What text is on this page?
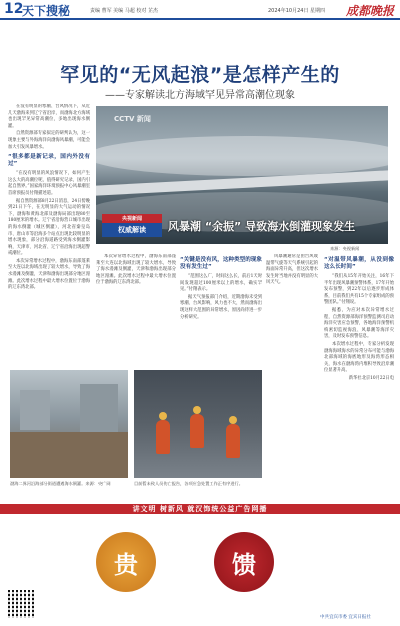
12
天下搜秘	责编 曹军 美编 马超 校对 芷杰	2024年10月24日 星期四 成都晚报
罕见的“无风起浪”是怎样产生的
——专家解读北方海域罕见异常高潮位现象

在没有明显的寒潮、台风情况下，从近几天渤海来到辽宁省沿岸，而渤海北方海域也出现罕见异常高潮位，多地出现海水倒灌。

自然资源部专家拟定的研判认为，这一现象主要与外海海洋向渤海风暴潮，可能会加大引发风暴增水。

“很多都是新记录，国内外没有过”

“在没有明显的风浪情况下，如何产生这么大的高潮位呢，值得研究记录，国内引起自然界。”国家海洋环境预报中心风暴潮室首席预报员付翔描述道。

据自然资源部8月22日消息，24日傍晚到21日下午，在无明显的大气运动的情况下，渤海和黄海北部及渤海局部出现80至180厘米的增水。辽宁省沿海营口城市出现的海水倒灌（城区倒灌），河北省秦皇岛市、唐山市等沿海多个站点出现比较明显的增水现象，部分沿海道路受到海水倒灌影响，天津市、河北省、辽宁省沿海出现超警戒潮位。

本次异常增水过程中，渤海东南部蓬莱至大连以北海域出现了较大增水，导致了海水漫滩及倒灌，天津和渤海出现部分地区漫滩。此次增水过程中最大增水位置位于渤海的辽东湾北部。

CCTV 新闻
央视新闻
权威解读	风暴潮 “余振” 导致海水倒灌现象发生
来源：央视新闻

本次异常增水过程中，渤海东南部蓬莱至大连以北海域出现了较大增水，导致了海水漫滩及倒灌，天津和渤海出现部分地区漫滩。此次增水过程中最大增水位置位于渤海的辽东湾北部。

“关键是没有风，这种类型的现象没有发生过”

“范围这么广，时间这么长，前后1天时间发现超过100厘米以上的增水，确实罕见。”付翔表示。

据天气预报部门介绍，近期渤海未受到寒潮、台风影响，风力也不大，然而渤海出现这样大范围的异常增水，原因尚待进一步分析研究。

风暴潮通常是由台风或温带气旋等天气系统引起的海面异常升高，但这次增水发生时当地并没有明显的大风天气。

“对温带风暴潮，从没到像这么长时间”

“我们从15年开始关注，16年下半年出现风暴潮预警体系，17年开始发布预警，到22年以后逐步形成体系，目前我们共有15个专家组成的预警团队。”付翔说。

据悉，为应对本次异常增水过程，自然资源部海洋预警监测司启动海洋灾害应急预警，各地海洋预警机构密切监视海浪、风暴潮等海洋灾害，及时发布预警信息。

本次增水过程中，专家分析发现渤海海域海水的异常分布可能与渤海北部海域的海底地形及海湾形态相关，海水在渤海湾内堆积导致沿岸潮位显著升高。

新华社北京10月22日电

渤海二界河沿海部分街道遭遇海水倒灌。来源：央广网	目前暂未致人员伤亡报告，各项应急处置工作正有序进行。
讲文明 树新风 就汉饰统公益广告网播
贵	馈
中共宜宾市委 宜宾日报社
